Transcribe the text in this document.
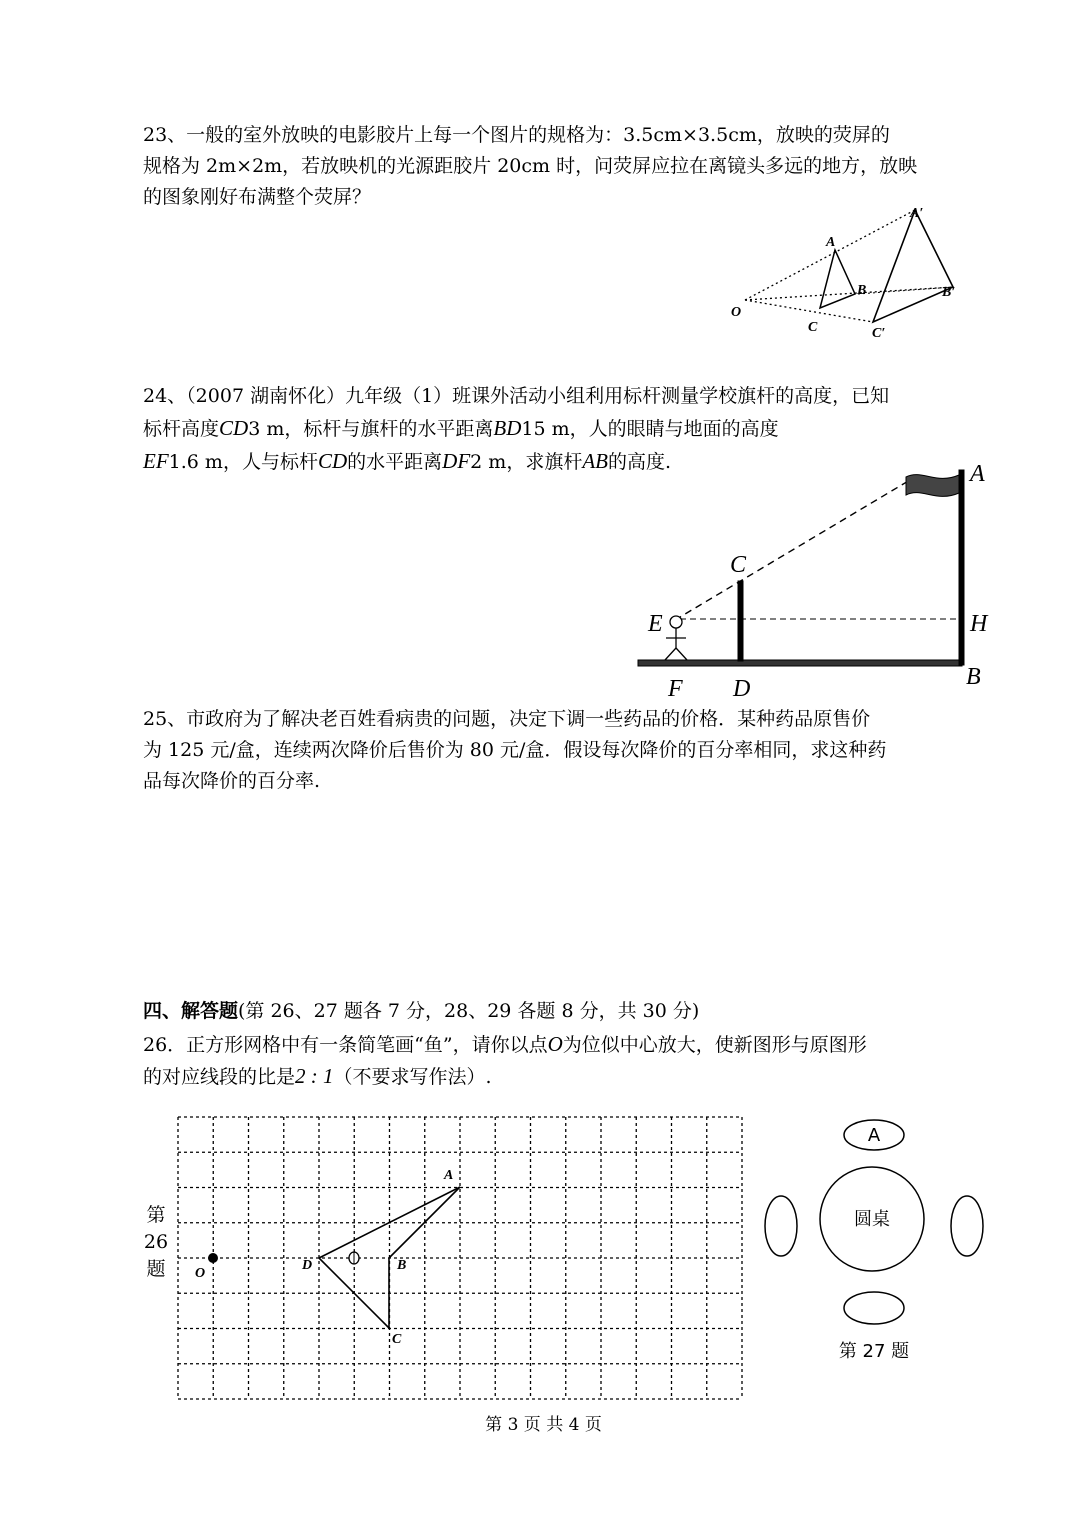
23、一般的室外放映的电影胶片上每一个图片的规格为：3.5cm×3.5cm，放映的荧屏的
规格为 2m×2m，若放映机的光源距胶片 20cm 时，问荧屏应拉在离镜头多远的地方，放映
的图象刚好布满整个荧屏？
O
A
B
C
A′
B′
C′
24、（2007 湖南怀化）九年级（1）班课外活动小组利用标杆测量学校旗杆的高度，已知
标杆高度CD3 m，标杆与旗杆的水平距离BD15 m，人的眼睛与地面的高度
EF1.6 m，人与标杆CD的水平距离DF2 m，求旗杆AB的高度.	A
C
E	H
F D	B
25、市政府为了解决老百姓看病贵的问题，决定下调一些药品的价格．某种药品原售价
为 125 元/盒，连续两次降价后售价为 80 元/盒．假设每次降价的百分率相同，求这种药
品每次降价的百分率.
四、解答题(第 26、27 题各 7 分，28、29 各题 8 分，共 30 分)
26．正方形网格中有一条简笔画“鱼”，请你以点O为位似中心放大，使新图形与原图形
的对应线段的比是2 : 1（不要求写作法）.
第26题 O
A
D	B
C
A
圆桌
第 27 题
第 3 页 共 4 页
